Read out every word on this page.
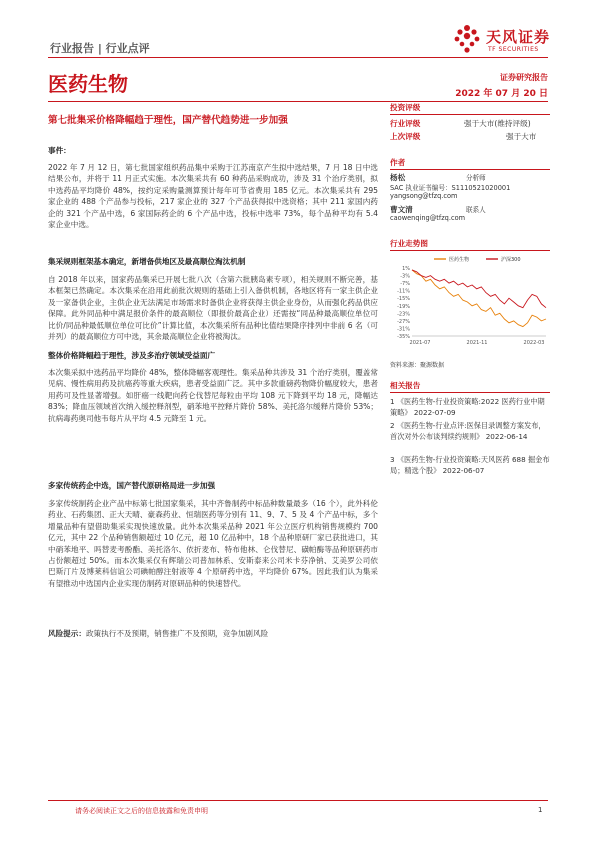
行业报告 | 行业点评
天风证券
TF SECURITIES
医药生物	证券研究报告
2022 年 07 月 20 日
第七批集采价格降幅趋于理性，国产替代趋势进一步加强
事件：
2022 年 7 月 12 日，第七批国家组织药品集中采购于江苏南京产生拟中选结果，7 月 18 日中选结果公布，并将于 11 月正式实施。本次集采共有 60 种药品采购成功，涉及 31 个治疗类别，拟中选药品平均降价 48%，按约定采购量测算预计每年可节省费用 185 亿元。本次集采共有 295 家企业的 488 个产品参与投标，217 家企业的 327 个产品获得拟中选资格；其中 211 家国内药企的 321 个产品中选，6 家国际药企的 6 个产品中选，投标中选率 73%，每个品种平均有 5.4 家企业中选。
集采规则框架基本确定，新增备供地区及最高顺位淘汰机制
自 2018 年以来，国家药品集采已开展七批八次（含第六批胰岛素专项），相关规则不断完善，基本框架已然确定。本次集采在沿用此前批次规则的基础上引入备供机制，各地区将有一家主供企业及一家备供企业，主供企业无法满足市场需求时备供企业将获得主供企业身份，从而强化药品供应保障。此外同品种中满足报价条件的最高顺位（即报价最高企业）还需按“同品种最高顺位单位可比价/同品种最低顺位单位可比价”计算比值，本次集采所有品种比值结果降序排列中非前 6 名（可并列）的最高顺位方可中选，其余最高顺位企业将被淘汰。
整体价格降幅趋于理性，涉及多治疗领域受益面广
本次集采拟中选药品平均降价 48%，整体降幅客观理性。集采品种共涉及 31 个治疗类别，覆盖常见病、慢性病用药及抗癌药等重大疾病，患者受益面广泛。其中多款重磅药物降价幅度较大，患者用药可及性显著增强。如肝癌一线靶向药仑伐替尼每粒由平均 108 元下降到平均 18 元，降幅达 83%；降血压领域首次纳入缓控释剂型，硝苯地平控释片降价 58%、美托洛尔缓释片降价 53%；抗病毒药奥司他韦每片从平均 4.5 元降至 1 元。
多家传统药企中选，国产替代原研格局进一步加强
多家传统制药企业产品中标第七批国家集采，其中齐鲁制药中标品种数量最多（16 个），此外科伦药业、石药集团、正大天晴、豪森药业、恒瑞医药等分别有 11、9、7、5 及 4 个产品中标，多个增量品种有望借助集采实现快速放量。此外本次集采品种 2021 年公立医疗机构销售规模约 700 亿元，其中 22 个品种销售额超过 10 亿元，超 10 亿品种中，18 个品种原研厂家已获批进口，其中硝苯地平、吗替麦考酚酯、美托洛尔、依折麦布、特布他林、仑伐替尼、磺帕酶等品种原研药市占份额超过 50%。而本次集采仅有辉瑞公司普加林系、安斯泰来公司米卡芬净钠、艾美罗公司依巴斯汀片及博莱科信谊公司碘帕醇注射液等 4 个原研药中选，平均降价 67%。因此我们认为集采有望推动中选国内企业实现仿制药对原研品种的快速替代。
风险提示：政策执行不及预期，销售推广不及预期，竞争加剧风险
投资评级
行业评级	强于大市(维持评级)
上次评级	强于大市
作者
杨松	分析师
SAC 执业证书编号：S1110521020001
yangsong@tfzq.com
曹文清	联系人
caowenqing@tfzq.com
行业走势图
医药生物	沪深300
1%
-3%
-7%
-11%
-15%
-19%
-23%
-27%
-31%
-35%
2021-07	2021-11	2022-03
资料来源：聚源数据
相关报告
1 《医药生物-行业投资策略:2022 医药行业中期策略》 2022-07-09
2 《医药生物-行业点评:医保目录调整方案发布，首次对外公布谈判续约规则》 2022-06-14
3 《医药生物-行业投资策略:天风医药 688 掘金布局；精选个股》 2022-06-07
请务必阅读正文之后的信息披露和免责申明	1
